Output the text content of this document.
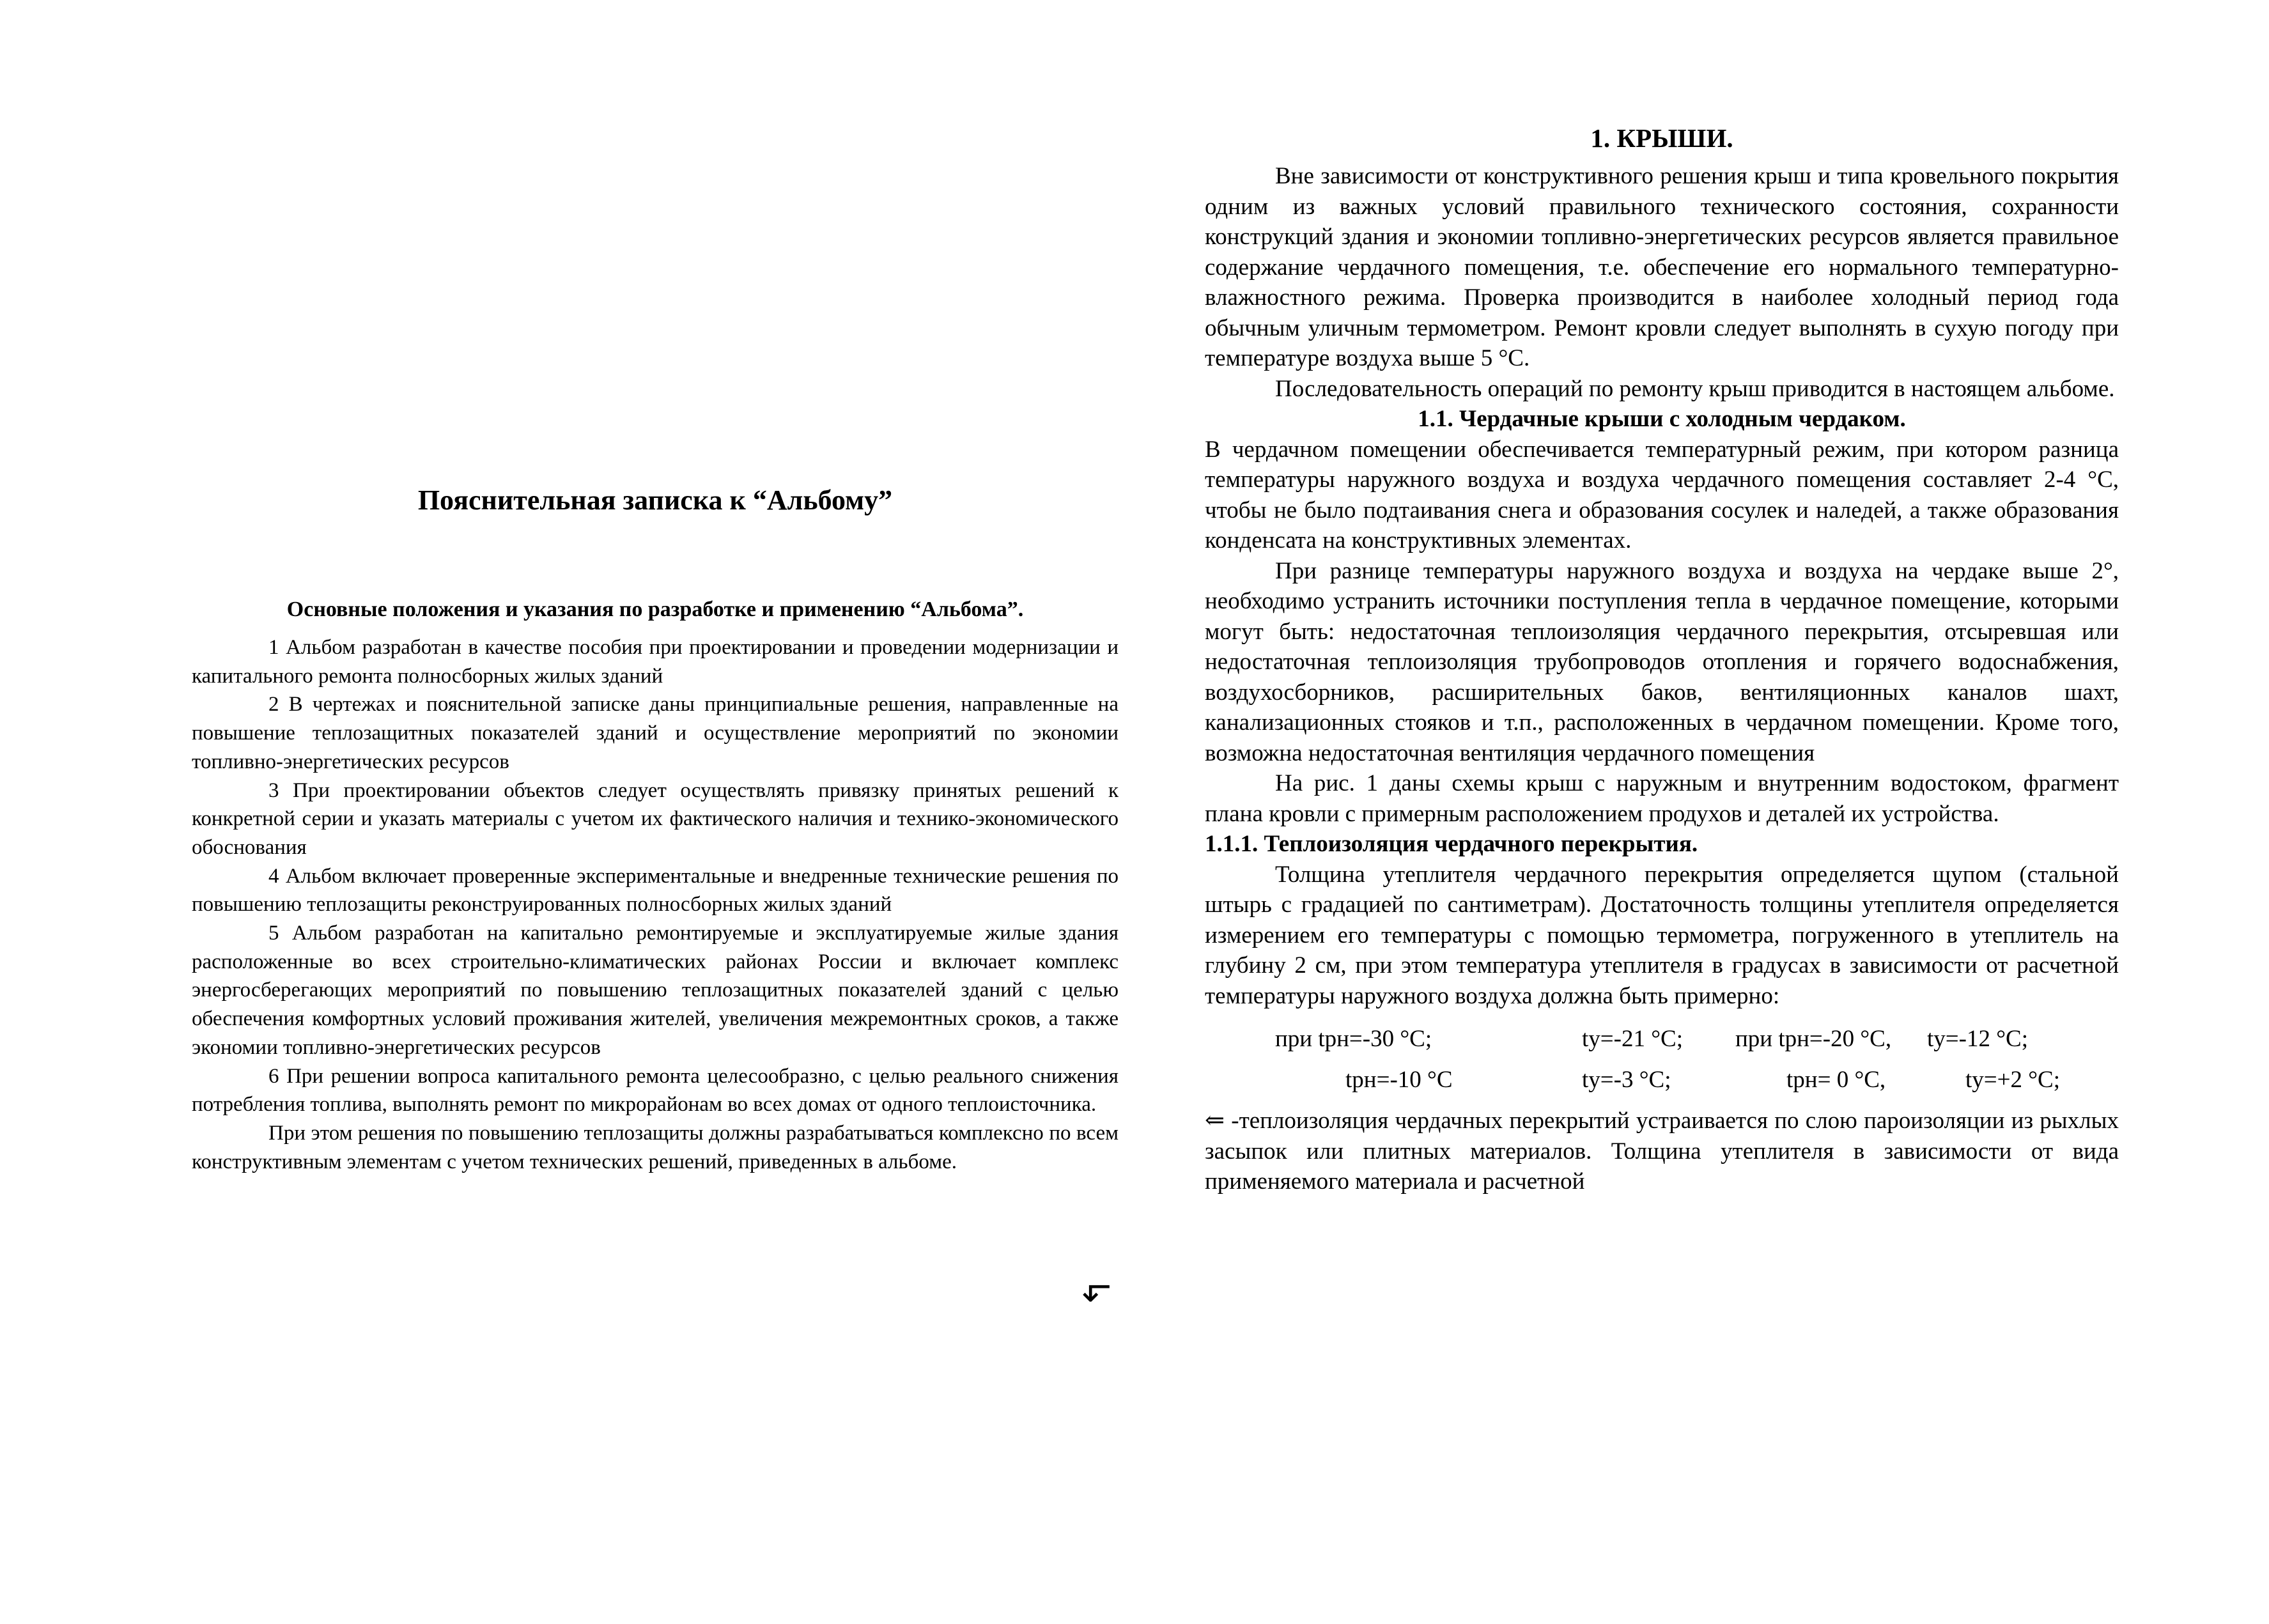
Пояснительная записка к “Альбому”

Основные положения и указания по разработке и применению “Альбома”.

1 Альбом разработан в качестве пособия при проектировании и проведении модернизации и капитального ремонта полносборных жилых зданий

2 В чертежах и пояснительной записке даны принципиальные решения, направленные на повышение теплозащитных показателей зданий и осуществление мероприятий по экономии топливно-энергетических ресурсов

3 При проектировании объектов следует осуществлять привязку принятых решений к конкретной серии и указать материалы с учетом их фактического наличия и технико-экономического обоснования

4 Альбом включает проверенные экспериментальные и внедренные технические решения по повышению теплозащиты реконструированных полносборных жилых зданий

5 Альбом разработан на капитально ремонтируемые и эксплуатируемые жилые здания расположенные во всех строительно-климатических районах России и включает комплекс энергосберегающих мероприятий по повышению теплозащитных показателей зданий с целью обеспечения комфортных условий проживания жителей, увеличения межремонтных сроков, а также экономии топливно-энергетических ресурсов

6 При решении вопроса капитального ремонта целесообразно, с целью реального снижения потребления топлива, выполнять ремонт по микрорайонам во всех домах от одного теплоисточника.

При этом решения по повышению теплозащиты должны разрабатываться комплексно по всем конструктивным элементам с учетом технических решений, приведенных в альбоме.

↳

1. КРЫШИ.

Вне зависимости от конструктивного решения крыш и типа кровельного покрытия одним из важных условий правильного технического состояния, сохранности конструкций здания и экономии топливно-энергетических ресурсов является правильное содержание чердачного помещения, т.е. обеспечение его нормального температурно-влажностного режима. Проверка производится в наиболее холодный период года обычным уличным термометром. Ремонт кровли следует выполнять в сухую погоду при температуре воздуха выше 5 °С.

Последовательность операций по ремонту крыш приводится в настоящем альбоме.

1.1. Чердачные крыши с холодным чердаком.

В чердачном помещении обеспечивается температурный режим, при котором разница температуры наружного воздуха и воздуха чердачного помещения составляет 2-4 °С, чтобы не было подтаивания снега и образования сосулек и наледей, а также образования конденсата на конструктивных элементах.

При разнице температуры наружного воздуха и воздуха на чердаке выше 2°, необходимо устранить источники поступления тепла в чердачное помещение, которыми могут быть: недостаточная теплоизоляция чердачного перекрытия, отсыревшая или недостаточная теплоизоляция трубопроводов отопления и горячего водоснабжения, воздухосборников, расширительных баков, вентиляционных каналов шахт, канализационных стояков и т.п., расположенных в чердачном помещении. Кроме того, возможна недостаточная вентиляция чердачного помещения

На рис. 1 даны схемы крыш с наружным и внутренним водостоком, фрагмент плана кровли с примерным расположением продухов и деталей их устройства.

1.1.1. Теплоизоляция чердачного перекрытия.

Толщина утеплителя чердачного перекрытия определяется щупом (стальной штырь с градацией по сантиметрам). Достаточность толщины утеплителя определяется измерением его температуры с помощью термометра, погруженного в утеплитель на глубину 2 см, при этом температура утеплителя в градусах в зависимости от расчетной температуры наружного воздуха должна быть примерно:

при tрн=-30 °С;	tу=-21 °С; при tрн=-20 °С, tу=-12 °С;
tрн=-10 °С	tу=-3 °С;	tрн= 0 °С,	tу=+2 °С;

⇐ -теплоизоляция чердачных перекрытий устраивается по слою пароизоляции из рыхлых засыпок или плитных материалов. Толщина утеплителя в зависимости от вида применяемого материала и расчетной
